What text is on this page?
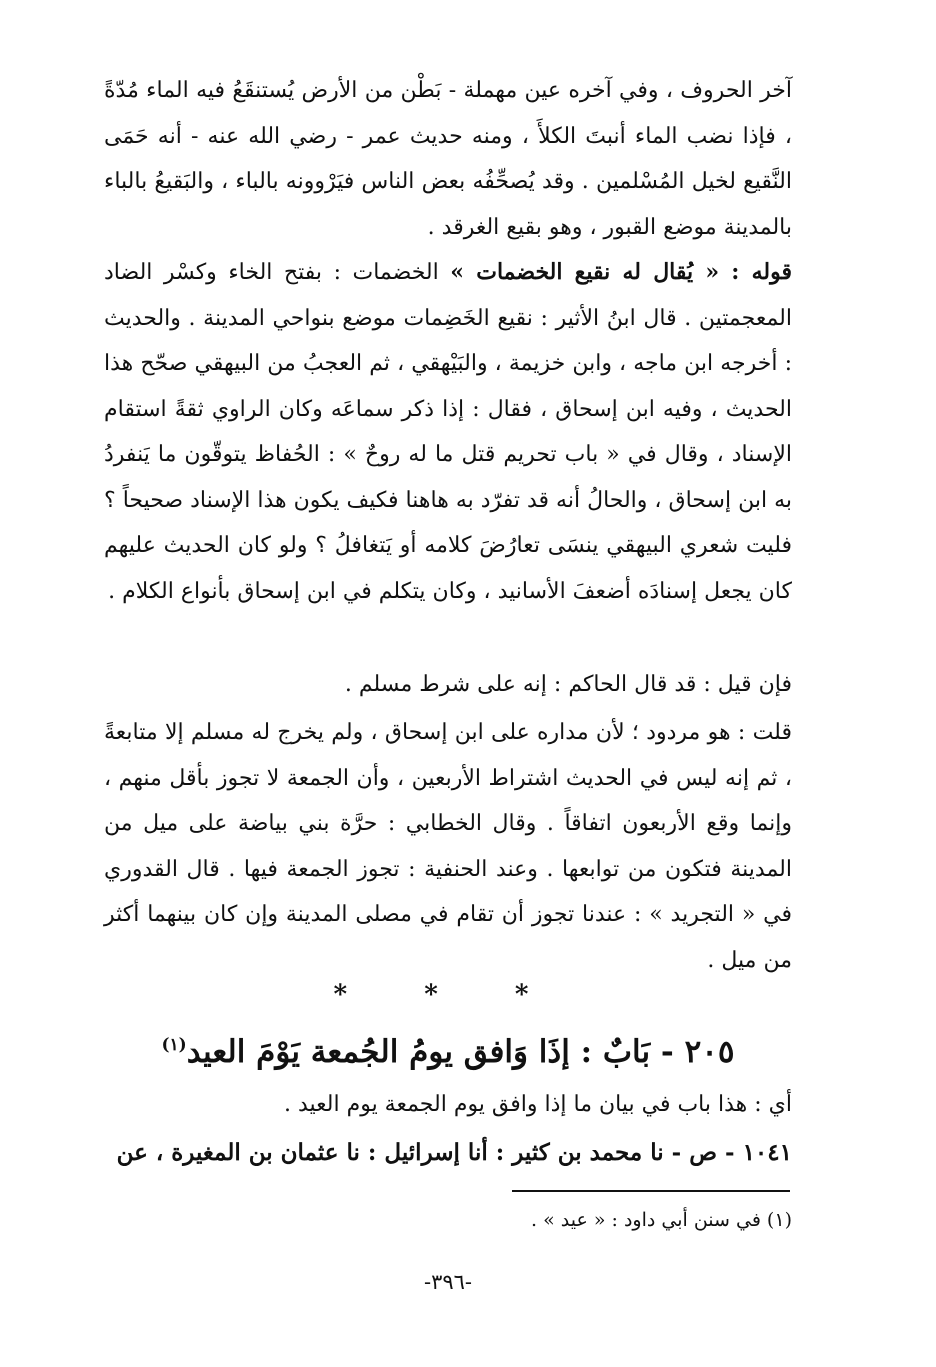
آخر الحروف ، وفي آخره عين مهملة - بَطْن من الأرض يُستنقَعُ فيه الماء مُدّةً ، فإذا نضب الماء أنبتَ الكلأَ ، ومنه حديث عمر - رضي الله عنه - أنه حَمَى النَّقيع لخيل المُسْلمين . وقد يُصحِّفُه بعض الناس فيَرْوونه بالباء ، والبَقيعُ بالباء بالمدينة موضع القبور ، وهو بقيع الغرقد .

قوله : « يُقال له نقيع الخضمات » الخضمات : بفتح الخاء وكسْر الضاد المعجمتين . قال ابنُ الأثير : نقيع الخَضِمات موضع بنواحي المدينة . والحديث : أخرجه ابن ماجه ، وابن خزيمة ، والبَيْهقي ، ثم العجبُ من البيهقي صحّح هذا الحديث ، وفيه ابن إسحاق ، فقال : إذا ذكر سماعَه وكان الراوي ثقةً استقام الإسناد ، وقال في « باب تحريم قتل ما له روحٌ » : الحُفاظ يتوقّون ما يَنفردُ به ابن إسحاق ، والحالُ أنه قد تفرّد به هاهنا فكيف يكون هذا الإسناد صحيحاً ؟ فليت شعري البيهقي ينسَى تعارُضَ كلامه أو يَتغافلُ ؟ ولو كان الحديث عليهم كان يجعل إسنادَه أضعفَ الأسانيد ، وكان يتكلم في ابن إسحاق بأنواع الكلام .

فإن قيل : قد قال الحاكم : إنه على شرط مسلم .

قلت : هو مردود ؛ لأن مداره على ابن إسحاق ، ولم يخرج له مسلم إلا متابعةً ، ثم إنه ليس في الحديث اشتراط الأربعين ، وأن الجمعة لا تجوز بأقل منهم ، وإنما وقع الأربعون اتفاقاً . وقال الخطابي : حرَّة بني بياضة على ميل من المدينة فتكون من توابعها . وعند الحنفية : تجوز الجمعة فيها . قال القدوري في « التجريد » : عندنا تجوز أن تقام في مصلى المدينة وإن كان بينهما أكثر من ميل .

* * *
٢٠٥ - بَابٌ : إذَا وَافق يومُ الجُمعة يَوْمَ العيد$^{(١)}$

أي : هذا باب في بيان ما إذا وافق يوم الجمعة يوم العيد .

١٠٤١ - ص - نا محمد بن كثير : أنا إسرائيل : نا عثمان بن المغيرة ، عن

(١) في سنن أبي داود : « عيد » .
-٣٩٦-
